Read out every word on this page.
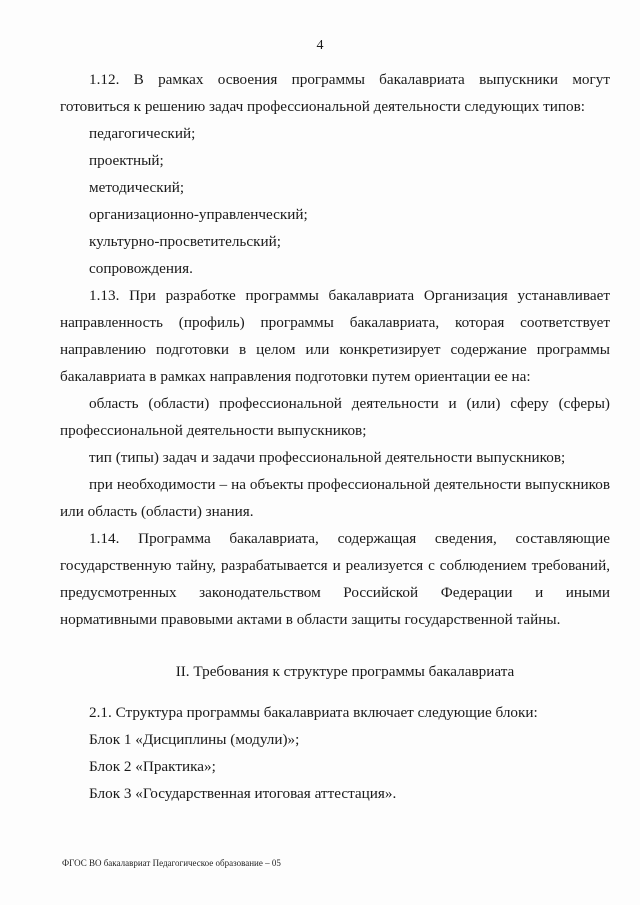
4

1.12. В рамках освоения программы бакалавриата выпускники могут готовиться к решению задач профессиональной деятельности следующих типов:

педагогический;

проектный;

методический;

организационно-управленческий;

культурно-просветительский;

сопровождения.

1.13. При разработке программы бакалавриата Организация устанавливает направленность (профиль) программы бакалавриата, которая соответствует направлению подготовки в целом или конкретизирует содержание программы бакалавриата в рамках направления подготовки путем ориентации ее на:

область (области) профессиональной деятельности и (или) сферу (сферы) профессиональной деятельности выпускников;

тип (типы) задач и задачи профессиональной деятельности выпускников;

при необходимости – на объекты профессиональной деятельности выпускников или область (области) знания.

1.14. Программа бакалавриата, содержащая сведения, составляющие государственную тайну, разрабатывается и реализуется с соблюдением требований, предусмотренных законодательством Российской Федерации и иными нормативными правовыми актами в области защиты государственной тайны.

II. Требования к структуре программы бакалавриата

2.1. Структура программы бакалавриата включает следующие блоки:

Блок 1 «Дисциплины (модули)»;

Блок 2 «Практика»;

Блок 3 «Государственная итоговая аттестация».

ФГОС ВО бакалавриат Педагогическое образование – 05
